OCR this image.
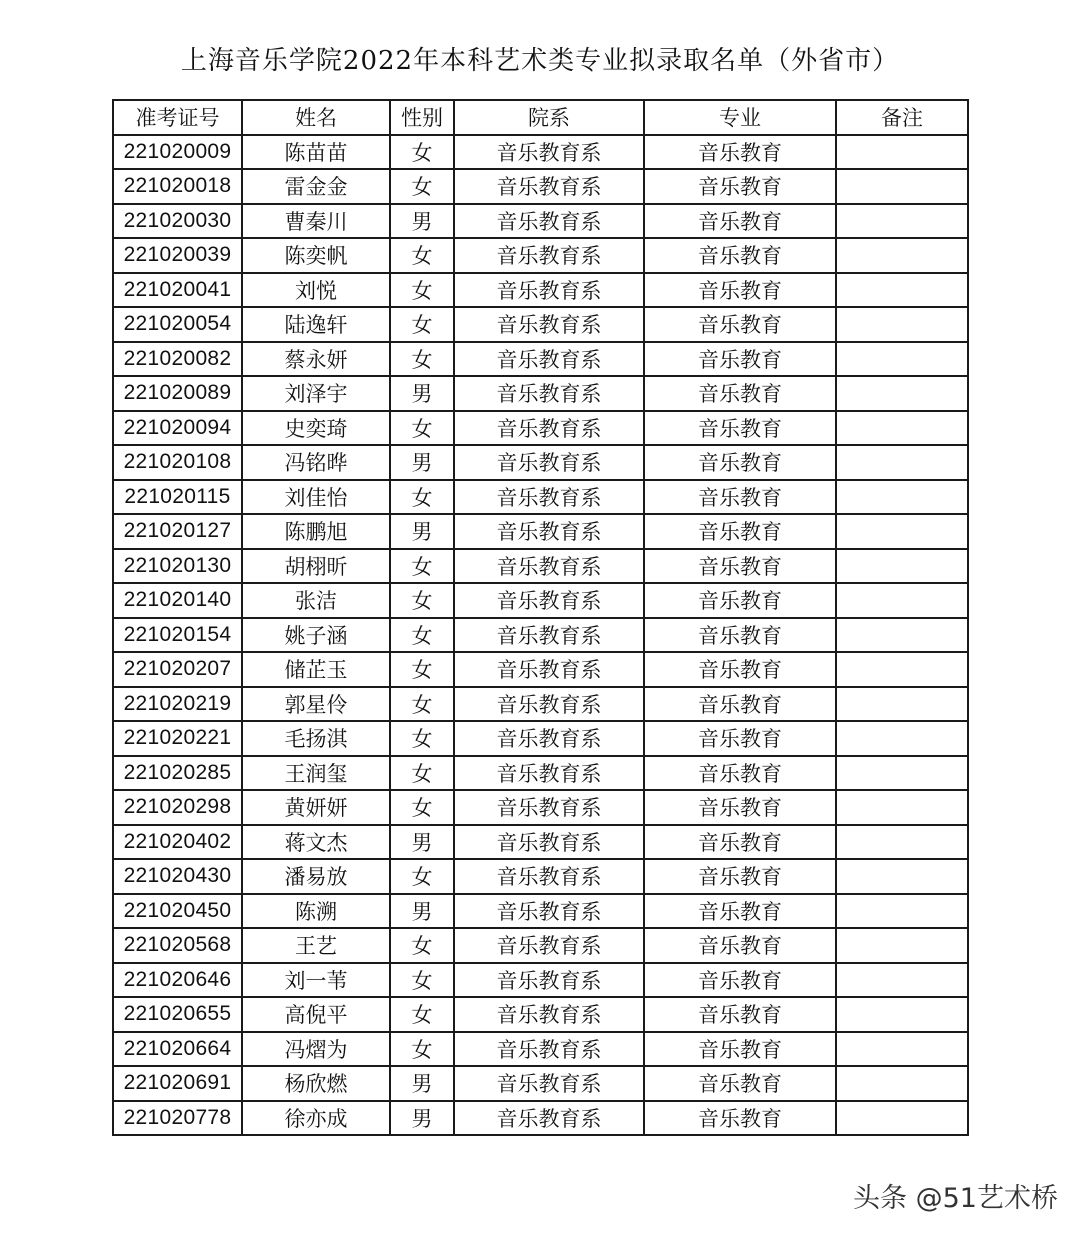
上海音乐学院2022年本科艺术类专业拟录取名单（外省市）
准考证号	姓名	性别	院系	专业	备注
221020009	陈苗苗	女	音乐教育系	音乐教育	
221020018	雷金金	女	音乐教育系	音乐教育	
221020030	曹秦川	男	音乐教育系	音乐教育	
221020039	陈奕帆	女	音乐教育系	音乐教育	
221020041	刘悦	女	音乐教育系	音乐教育	
221020054	陆逸轩	女	音乐教育系	音乐教育	
221020082	蔡永妍	女	音乐教育系	音乐教育	
221020089	刘泽宇	男	音乐教育系	音乐教育	
221020094	史奕琦	女	音乐教育系	音乐教育	
221020108	冯铭晔	男	音乐教育系	音乐教育	
221020115	刘佳怡	女	音乐教育系	音乐教育	
221020127	陈鹏旭	男	音乐教育系	音乐教育	
221020130	胡栩昕	女	音乐教育系	音乐教育	
221020140	张洁	女	音乐教育系	音乐教育	
221020154	姚子涵	女	音乐教育系	音乐教育	
221020207	储芷玉	女	音乐教育系	音乐教育	
221020219	郭星伶	女	音乐教育系	音乐教育	
221020221	毛扬淇	女	音乐教育系	音乐教育	
221020285	王润玺	女	音乐教育系	音乐教育	
221020298	黄妍妍	女	音乐教育系	音乐教育	
221020402	蒋文杰	男	音乐教育系	音乐教育	
221020430	潘易放	女	音乐教育系	音乐教育	
221020450	陈溯	男	音乐教育系	音乐教育	
221020568	王艺	女	音乐教育系	音乐教育	
221020646	刘一苇	女	音乐教育系	音乐教育	
221020655	高倪平	女	音乐教育系	音乐教育	
221020664	冯熠为	女	音乐教育系	音乐教育	
221020691	杨欣燃	男	音乐教育系	音乐教育	
221020778	徐亦成	男	音乐教育系	音乐教育	
头条 @51艺术桥
